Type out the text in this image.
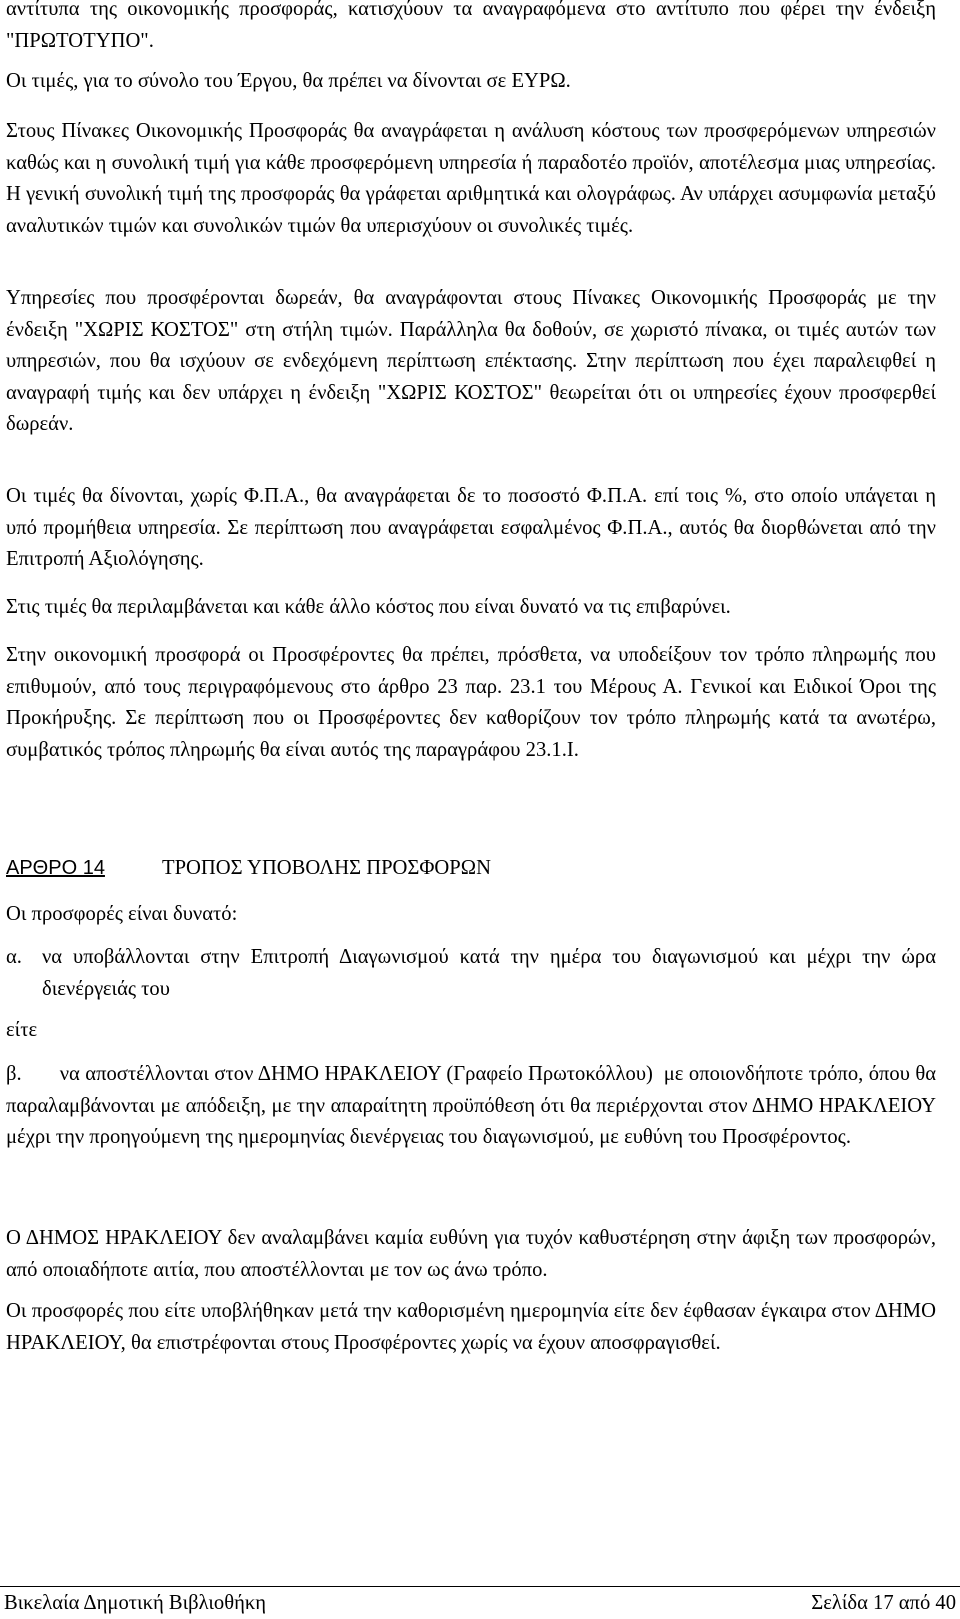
αντίτυπα της οικονομικής προσφοράς, κατισχύουν τα αναγραφόμενα στο αντίτυπο που φέρει την ένδειξη "ΠΡΩΤΟΤΥΠΟ".

Οι τιμές, για το σύνολο του Έργου, θα πρέπει να δίνονται σε ΕΥΡΩ.

Στους Πίνακες Οικονομικής Προσφοράς θα αναγράφεται η ανάλυση κόστους των προσφερόμενων υπηρεσιών καθώς και η συνολική τιμή για κάθε προσφερόμενη υπηρεσία ή παραδοτέο προϊόν, αποτέλεσμα μιας υπηρεσίας. Η γενική συνολική τιμή της προσφοράς θα γράφεται αριθμητικά και ολογράφως. Αν υπάρχει ασυμφωνία μεταξύ αναλυτικών τιμών και συνολικών τιμών θα υπερισχύουν οι συνολικές τιμές.

Υπηρεσίες που προσφέρονται δωρεάν, θα αναγράφονται στους Πίνακες Οικονομικής Προσφοράς με την ένδειξη "ΧΩΡΙΣ ΚΟΣΤΟΣ" στη στήλη τιμών. Παράλληλα θα δοθούν, σε χωριστό πίνακα, οι τιμές αυτών των υπηρεσιών, που θα ισχύουν σε ενδεχόμενη περίπτωση επέκτασης. Στην περίπτωση που έχει παραλειφθεί η αναγραφή τιμής και δεν υπάρχει η ένδειξη "ΧΩΡΙΣ ΚΟΣΤΟΣ" θεωρείται ότι οι υπηρεσίες έχουν προσφερθεί δωρεάν.

Οι τιμές θα δίνονται, χωρίς Φ.Π.Α., θα αναγράφεται δε το ποσοστό Φ.Π.Α. επί τοις %, στο οποίο υπάγεται η υπό προμήθεια υπηρεσία. Σε περίπτωση που αναγράφεται εσφαλμένος Φ.Π.Α., αυτός θα διορθώνεται από την Επιτροπή Αξιολόγησης.

Στις τιμές θα περιλαμβάνεται και κάθε άλλο κόστος που είναι δυνατό να τις επιβαρύνει.

Στην οικονομική προσφορά οι Προσφέροντες θα πρέπει, πρόσθετα, να υποδείξουν τον τρόπο πληρωμής που επιθυμούν, από τους περιγραφόμενους στο άρθρο 23 παρ. 23.1 του Μέρους Α. Γενικοί και Ειδικοί Όροι της Προκήρυξης. Σε περίπτωση που οι Προσφέροντες δεν καθορίζουν τον τρόπο πληρωμής κατά τα ανωτέρω, συμβατικός τρόπος πληρωμής θα είναι αυτός της παραγράφου 23.1.Ι.

ΑΡΘΡΟ 14	ΤΡΟΠΟΣ ΥΠΟΒΟΛΗΣ ΠΡΟΣΦΟΡΩΝ

Οι προσφορές είναι δυνατό:

α. να υποβάλλονται στην Επιτροπή Διαγωνισμού κατά την ημέρα του διαγωνισμού και μέχρι την ώρα διενέργειάς του

είτε

β.       να αποστέλλονται στον ΔΗΜΟ ΗΡΑΚΛΕΙΟΥ (Γραφείο Πρωτοκόλλου)  με οποιονδήποτε τρόπο, όπου θα παραλαμβάνονται με απόδειξη, με την απαραίτητη προϋπόθεση ότι θα περιέρχονται στον ΔΗΜΟ ΗΡΑΚΛΕΙΟΥ μέχρι την προηγούμενη της ημερομηνίας διενέργειας του διαγωνισμού, με ευθύνη του Προσφέροντος.

Ο ΔΗΜΟΣ ΗΡΑΚΛΕΙΟΥ δεν αναλαμβάνει καμία ευθύνη για τυχόν καθυστέρηση στην άφιξη των προσφορών, από οποιαδήποτε αιτία, που αποστέλλονται με τον ως άνω τρόπο.

Οι προσφορές που είτε υποβλήθηκαν μετά την καθορισμένη ημερομηνία είτε δεν έφθασαν έγκαιρα στον ΔΗΜΟ ΗΡΑΚΛΕΙΟΥ, θα επιστρέφονται στους Προσφέροντες χωρίς να έχουν αποσφραγισθεί.

Βικελαία Δημοτική Βιβλιοθήκη	Σελίδα 17 από 40
